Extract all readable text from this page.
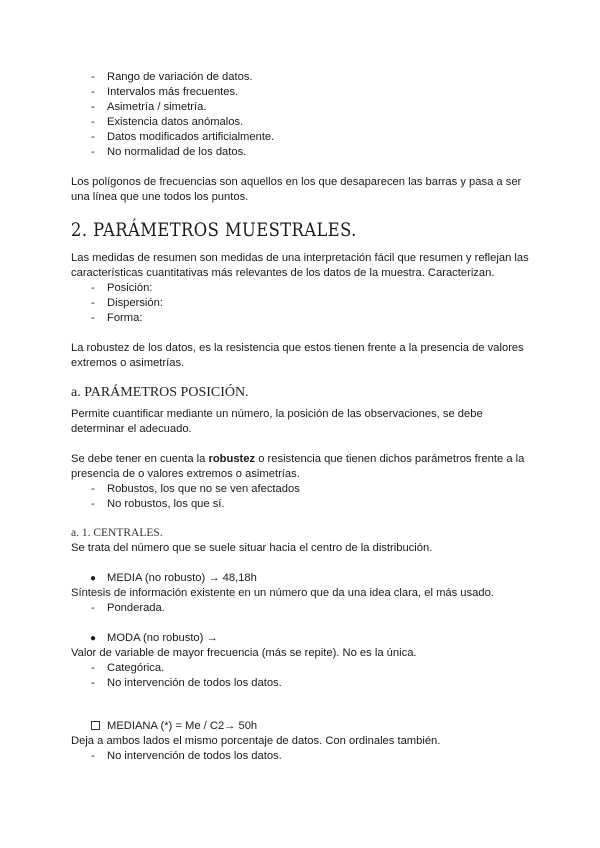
- Rango de variación de datos.
- Intervalos más frecuentes.
- Asimetría / simetría.
- Existencia datos anómalos.
- Datos modificados artificialmente.
- No normalidad de los datos.

Los polígonos de frecuencias son aquellos en los que desaparecen las barras y pasa a ser una línea que une todos los puntos.

2. PARÁMETROS MUESTRALES.

Las medidas de resumen son medidas de una interpretación fácil que resumen y reflejan las características cuantitativas más relevantes de los datos de la muestra. Caracterizan.

- Posición:
- Dispersión:
- Forma:

La robustez de los datos, es la resistencia que estos tienen frente a la presencia de valores extremos o asimetrías.

a. PARÁMETROS POSICIÓN.

Permite cuantificar mediante un número, la posición de las observaciones, se debe determinar el adecuado.

Se debe tener en cuenta la robustez o resistencia que tienen dichos parámetros frente a la presencia de o valores extremos o asimetrías.

- Robustos, los que no se ven afectados
- No robustos, los que sí.
a. 1. CENTRALES.

Se trata del número que se suele situar hacia el centro de la distribución.

● MEDIA (no robusto) → 48,18h

Síntesis de información existente en un número que da una idea clara, el más usado.

- Ponderada.
● MODA (no robusto) →

Valor de variable de mayor frecuencia (más se repite). No es la única.

- Categórica.
- No intervención de todos los datos.
MEDIANA (*) = Me / C2→ 50h

Deja a ambos lados el mismo porcentaje de datos. Con ordinales también.

- No intervención de todos los datos.
